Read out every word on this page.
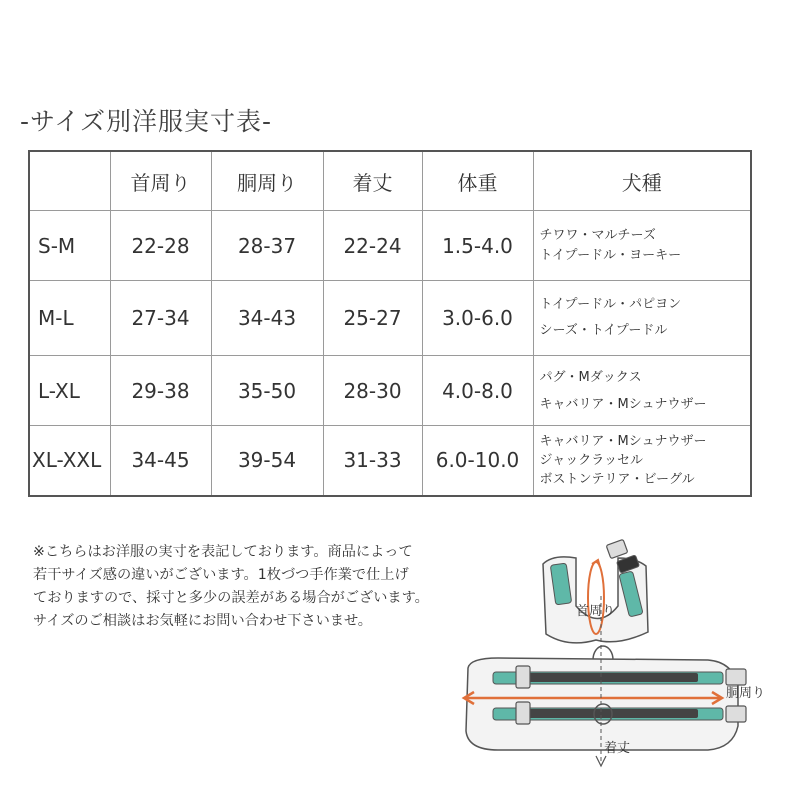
-サイズ別洋服実寸表-
	首周り	胴周り	着丈	体重	犬種
S-M	22-28	28-37	22-24	1.5-4.0	チワワ・マルチーズ
トイプードル・ヨーキー

M-L	27-34	34-43	25-27	3.0-6.0	トイプードル・パピヨン
シーズ・トイプードル

L-XL	29-38	35-50	28-30	4.0-8.0	パグ・Mダックス
キャバリア・Mシュナウザー

XL-XXL	34-45	39-54	31-33	6.0-10.0	キャバリア・Mシュナウザー
ジャックラッセル
ボストンテリア・ビーグル
※こちらはお洋服の実寸を表記しております。商品によって
若干サイズ感の違いがございます。1枚づつ手作業で仕上げ
ておりますので、採寸と多少の誤差がある場合がございます。
サイズのご相談はお気軽にお問い合わせ下さいませ。
首周り
胴周り
着丈
